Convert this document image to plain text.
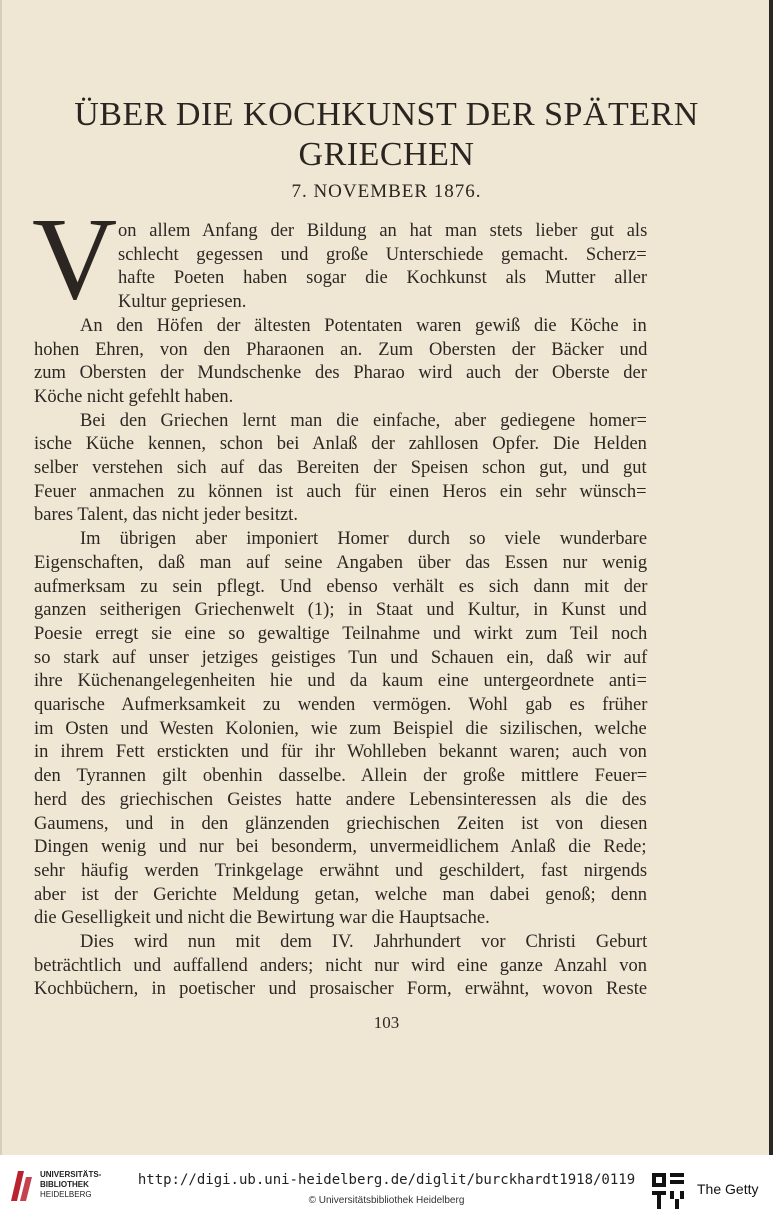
ÜBER DIE KOCHKUNST DER SPÄTERN
GRIECHEN
7. NOVEMBER 1876.
V on allem Anfang der Bildung an hat man stets lieber gut als
schlecht gegessen und große Unterschiede gemacht. Scherz=
hafte Poeten haben sogar die Kochkunst als Mutter aller
Kultur gepriesen.
An den Höfen der ältesten Potentaten waren gewiß die Köche in
hohen Ehren, von den Pharaonen an. Zum Obersten der Bäcker und
zum Obersten der Mundschenke des Pharao wird auch der Oberste der
Köche nicht gefehlt haben.
Bei den Griechen lernt man die einfache, aber gediegene homer=
ische Küche kennen, schon bei Anlaß der zahllosen Opfer. Die Helden
selber verstehen sich auf das Bereiten der Speisen schon gut, und gut
Feuer anmachen zu können ist auch für einen Heros ein sehr wünsch=
bares Talent, das nicht jeder besitzt.
Im übrigen aber imponiert Homer durch so viele wunderbare
Eigenschaften, daß man auf seine Angaben über das Essen nur wenig
aufmerksam zu sein pflegt. Und ebenso verhält es sich dann mit der
ganzen seitherigen Griechenwelt (1); in Staat und Kultur, in Kunst und
Poesie erregt sie eine so gewaltige Teilnahme und wirkt zum Teil noch
so stark auf unser jetziges geistiges Tun und Schauen ein, daß wir auf
ihre Küchenangelegenheiten hie und da kaum eine untergeordnete anti=
quarische Aufmerksamkeit zu wenden vermögen. Wohl gab es früher
im Osten und Westen Kolonien, wie zum Beispiel die sizilischen, welche
in ihrem Fett erstickten und für ihr Wohlleben bekannt waren; auch von
den Tyrannen gilt obenhin dasselbe. Allein der große mittlere Feuer=
herd des griechischen Geistes hatte andere Lebensinteressen als die des
Gaumens, und in den glänzenden griechischen Zeiten ist von diesen
Dingen wenig und nur bei besonderm, unvermeidlichem Anlaß die Rede;
sehr häufig werden Trinkgelage erwähnt und geschildert, fast nirgends
aber ist der Gerichte Meldung getan, welche man dabei genoß; denn
die Geselligkeit und nicht die Bewirtung war die Hauptsache.
Dies wird nun mit dem IV. Jahrhundert vor Christi Geburt
beträchtlich und auffallend anders; nicht nur wird eine ganze Anzahl von
Kochbüchern, in poetischer und prosaischer Form, erwähnt, wovon Reste
103
UNIVERSITÄTS-
BIBLIOTHEK
HEIDELBERG
http://digi.ub.uni-heidelberg.de/diglit/burckhardt1918/0119
© Universitätsbibliothek Heidelberg
The Getty
